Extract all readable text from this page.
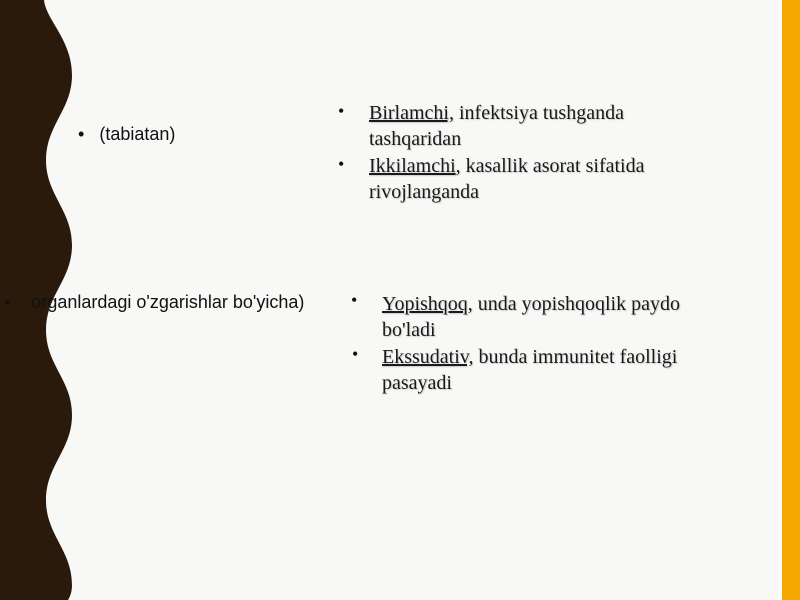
• (tabiatan)
• organlardagi o'zgarishlar bo'yicha)
• Birlamchi, infektsiya tushganda
tashqaridan
• Ikkilamchi, kasallik asorat sifatida
rivojlanganda
• Yopishqoq, unda yopishqoqlik paydo
bo'ladi
• Ekssudativ, bunda immunitet faolligi
pasayadi
